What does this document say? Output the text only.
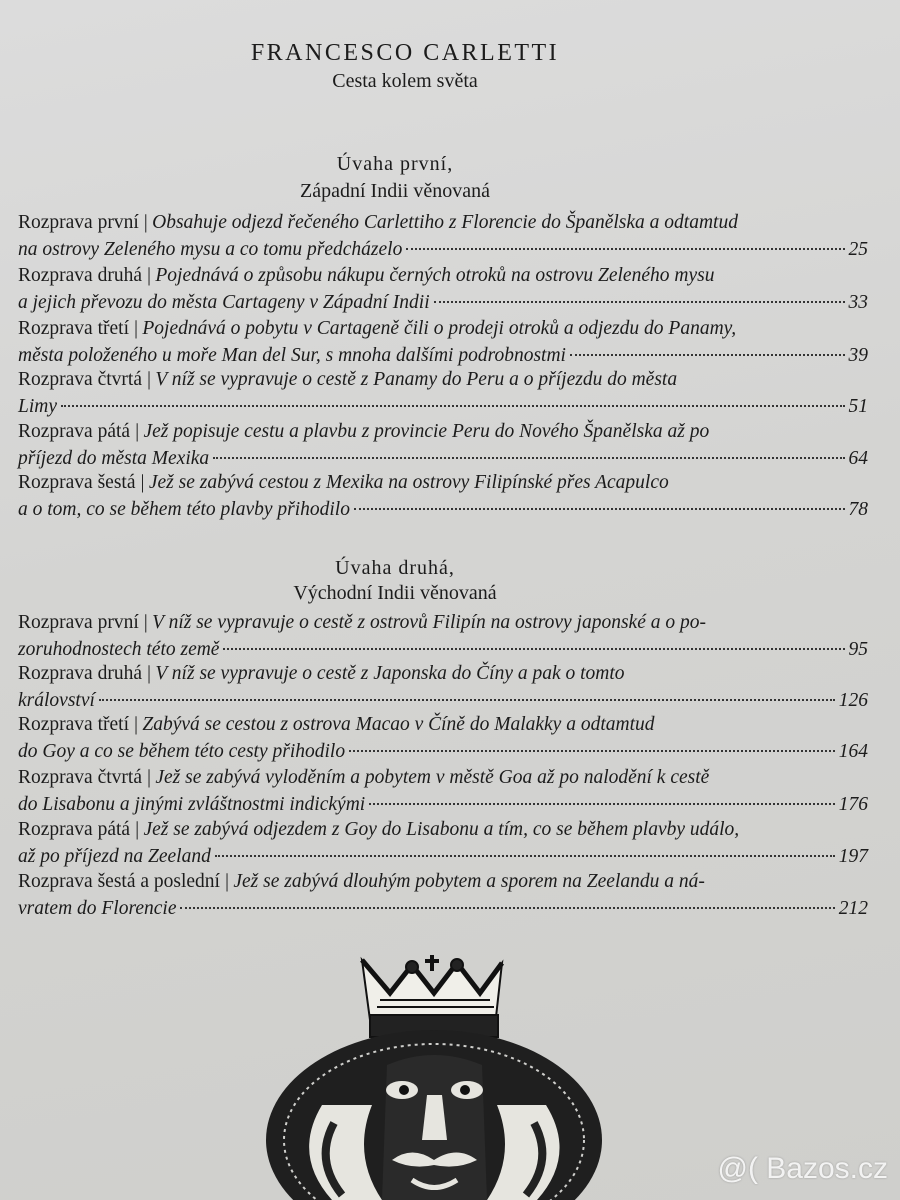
FRANCESCO CARLETTI
Cesta kolem světa
Úvaha první,
Západní Indii věnovaná
Rozprava první | Obsahuje odjezd řečeného Carlettiho z Florencie do Španělska a odtamtud
na ostrovy Zeleného mysu a co tomu předcházelo	25
Rozprava druhá | Pojednává o způsobu nákupu černých otroků na ostrovu Zeleného mysu
a jejich převozu do města Cartageny v Západní Indii	33
Rozprava třetí | Pojednává o pobytu v Cartageně čili o prodeji otroků a odjezdu do Panamy,
města položeného u moře Man del Sur, s mnoha dalšími podrobnostmi	39
Rozprava čtvrtá | V níž se vypravuje o cestě z Panamy do Peru a o příjezdu do města
Limy	51
Rozprava pátá | Jež popisuje cestu a plavbu z provincie Peru do Nového Španělska až po
příjezd do města Mexika	64
Rozprava šestá | Jež se zabývá cestou z Mexika na ostrovy Filipínské přes Acapulco
a o tom, co se během této plavby přihodilo	78
Úvaha druhá,
Východní Indii věnovaná
Rozprava první | V níž se vypravuje o cestě z ostrovů Filipín na ostrovy japonské a o po-
zoruhodnostech této země	95
Rozprava druhá | V níž se vypravuje o cestě z Japonska do Číny a pak o tomto
království	126
Rozprava třetí | Zabývá se cestou z ostrova Macao v Číně do Malakky a odtamtud
do Goy a co se během této cesty přihodilo	164
Rozprava čtvrtá | Jež se zabývá vyloděním a pobytem v městě Goa až po nalodění k cestě
do Lisabonu a jinými zvláštnostmi indickými	176
Rozprava pátá | Jež se zabývá odjezdem z Goy do Lisabonu a tím, co se během plavby událo,
až po příjezd na Zeeland	197
Rozprava šestá a poslední | Jež se zabývá dlouhým pobytem a sporem na Zeelandu a ná-
vratem do Florencie	212
@( Bazos.cz
